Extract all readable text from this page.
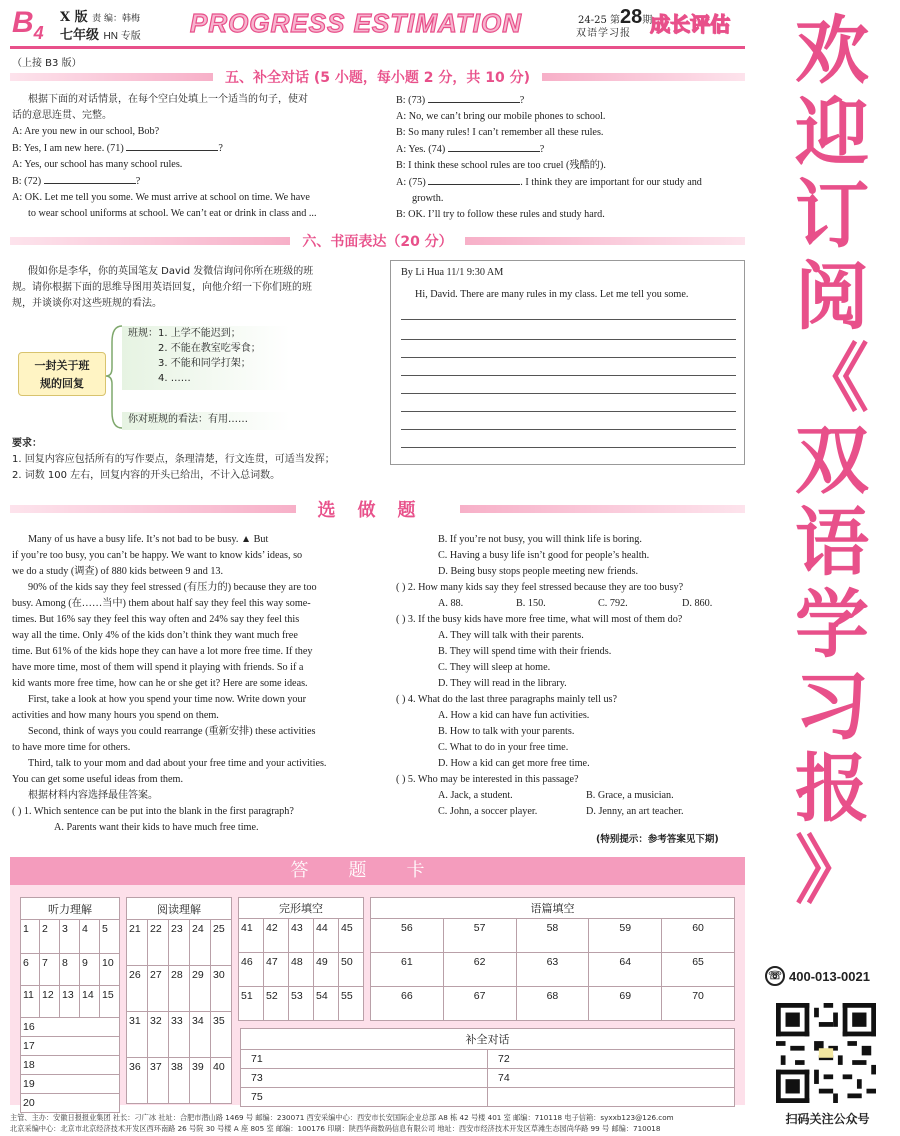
$B_4$
X 版 责 编：韩梅
七年级 HN 专版 PROGRESS ESTIMATION	24-25 第28期
双语学习报 成长评估
（上接 B3 版）
五、补全对话 (5 小题，每小题 2 分，共 10 分)

根据下面的对话情景，在每个空白处填上一个适当的句子，使对

话的意思连贯、完整。

A: Are you new in our school, Bob?

B: Yes, I am new here. (71)	?

A: Yes, our school has many school rules.

B: (72)	?

A: OK. Let me tell you some. We must arrive at school on time. We have

to wear school uniforms at school. We can’t eat or drink in class and ...

B: (73)	?

A: No, we can’t bring our mobile phones to school.

B: So many rules! I can’t remember all these rules.

A: Yes. (74)	?

B: I think these school rules are too cruel (残酷的).

A: (75)	. I think they are important for our study and

growth.

B: OK. I’ll try to follow these rules and study hard.

六、书面表达（20 分）

假如你是李华，你的英国笔友 David 发微信询问你所在班级的班

规。请你根据下面的思维导图用英语回复，向他介绍一下你们班的班

规，并谈谈你对这些班规的看法。

一封关于班
规的回复
班规：1. 上学不能迟到；
2. 不能在教室吃零食；
3. 不能和同学打架；
4. ……
你对班规的看法：有用……
要求：

1. 回复内容应包括所有的写作要点，条理清楚，行文连贯，可适当发挥；

2. 词数 100 左右，回复内容的开头已给出，不计入总词数。

By Li Hua 11/1 9:30 AM
Hi, David. There are many rules in my class. Let me tell you some.
选做题

Many of us have a busy life. It’s not bad to be busy. ▲ But

if you’re too busy, you can’t be happy. We want to know kids’ ideas, so

we do a study (调查) of 880 kids between 9 and 13.

90% of the kids say they feel stressed (有压力的) because they are too

busy. Among (在……当中) them about half say they feel this way some-

times. But 16% say they feel this way often and 24% say they feel this

way all the time. Only 4% of the kids don’t think they want much free

time. But 61% of the kids hope they can have a lot more free time. If they

have more time, most of them will spend it playing with friends. So if a

kid wants more free time, how can he or she get it? Here are some ideas.

First, take a look at how you spend your time now. Write down your

activities and how many hours you spend on them.

Second, think of ways you could rearrange (重新安排) these activities

to have more time for others.

Third, talk to your mom and dad about your free time and your activities.

You can get some useful ideas from them.

根据材料内容选择最佳答案。

( ) 1. Which sentence can be put into the blank in the first paragraph?

A. Parents want their kids to have much free time.

B. If you’re not busy, you will think life is boring.

C. Having a busy life isn’t good for people’s health.

D. Being busy stops people meeting new friends.

( ) 2. How many kids say they feel stressed because they are too busy?

A. 88.	B. 150.	C. 792.	D. 860.

( ) 3. If the busy kids have more free time, what will most of them do?

A. They will talk with their parents.

B. They will spend time with their friends.

C. They will sleep at home.

D. They will read in the library.

( ) 4. What do the last three paragraphs mainly tell us?

A. How a kid can have fun activities.

B. How to talk with your parents.

C. What to do in your free time.

D. How a kid can get more free time.

( ) 5. Who may be interested in this passage?

A. Jack, a student.	B. Grace, a musician.

C. John, a soccer player.	D. Jenny, an art teacher.

(特别提示：参考答案见下期)
答题卡
听力理解				
1	2	3	4	5
6	7	8	9	10
11	12	13	14	15
16				
17				
18				
19				
20				
阅读理解				
21	22	23	24	25
26	27	28	29	30
31	32	33	34	35
36	37	38	39	40
完形填空				
41	42	43	44	45
46	47	48	49	50
51	52	53	54	55
语篇填空				
56	57	58	59	60
61	62	63	64	65
66	67	68	69	70
补全对话	
71	72
73	74
75	
主管、主办：安徽日报报业集团 社长：刁广冰 社址：合肥市潜山路 1469 号 邮编：230071 西安采编中心：西安市长安国际企业总部 A8 栋 42 号楼 401 室 邮编：710118 电子信箱：syxxb123@126.com
北京采编中心：北京市北京经济技术开发区西环南路 26 号院 30 号楼 A 座 805 室 邮编：100176 印刷：陕西华商数码信息有限公司 地址：西安市经济技术开发区草滩生态园尚华路 99 号 邮编：710018
欢
迎
订
阅
《
双
语
学
习
报
》
☏ 400-013-0021
扫码关注公众号
